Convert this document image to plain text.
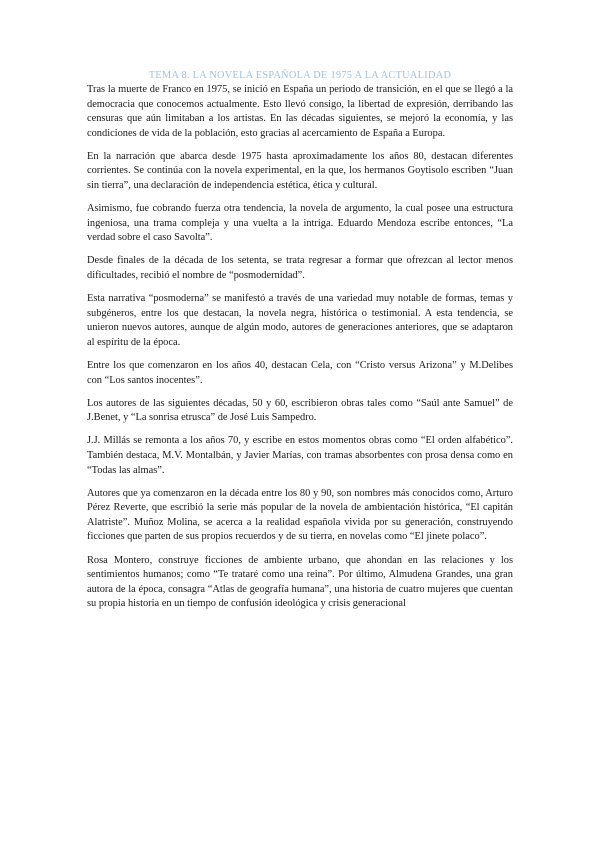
TEMA 8. LA NOVELA ESPAÑOLA DE 1975 A LA ACTUALIDAD

Tras la muerte de Franco en 1975, se inició en España un periodo de transición, en el que se llegó a la democracia que conocemos actualmente. Esto llevó consigo, la libertad de expresión, derribando las censuras que aún limitaban a los artistas. En las décadas siguientes, se mejoró la economía, y las condiciones de vida de la población, esto gracias al acercamiento de España a Europa.

En la narración que abarca desde 1975 hasta aproximadamente los años 80, destacan diferentes corrientes. Se continúa con la novela experimental, en la que, los hermanos Goytisolo escriben “Juan sin tierra”, una declaración de independencia estética, ética y cultural.

Asimismo, fue cobrando fuerza otra tendencia, la novela de argumento, la cual posee una estructura ingeniosa, una trama compleja y una vuelta a la intriga. Eduardo Mendoza escribe entonces, “La verdad sobre el caso Savolta”.

Desde finales de la década de los setenta, se trata regresar a formar que ofrezcan al lector menos dificultades, recibió el nombre de “posmodernidad”.

Esta narrativa “posmoderna” se manifestó a través de una variedad muy notable de formas, temas y subgéneros, entre los que destacan, la novela negra, histórica o testimonial. A esta tendencia, se unieron nuevos autores, aunque de algún modo, autores de generaciones anteriores, que se adaptaron al espíritu de la época.

Entre los que comenzaron en los años 40, destacan Cela, con “Cristo versus Arizona” y M.Delibes con “Los santos inocentes”.

Los autores de las siguientes décadas, 50 y 60, escribieron obras tales como “Saúl ante Samuel” de J.Benet, y “La sonrisa etrusca” de José Luis Sampedro.

J.J. Millás se remonta a los años 70, y escribe en estos momentos obras como “El orden alfabético”. También destaca, M.V. Montalbán, y Javier Marías, con tramas absorbentes con prosa densa como en “Todas las almas”.

Autores que ya comenzaron en la década entre los 80 y 90, son nombres más conocidos como, Arturo Pérez Reverte, que escribió la serie más popular de la novela de ambientación histórica, “El capitán Alatriste”. Muñoz Molina, se acerca a la realidad española vivida por su generación, construyendo ficciones que parten de sus propios recuerdos y de su tierra, en novelas como “El jinete polaco”.

Rosa Montero, construye ficciones de ambiente urbano, que ahondan en las relaciones y los sentimientos humanos; como “Te trataré como una reina”. Por último, Almudena Grandes, una gran autora de la época, consagra “Atlas de geografía humana”, una historia de cuatro mujeres que cuentan su propia historia en un tiempo de confusión ideológica y crisis generacional
